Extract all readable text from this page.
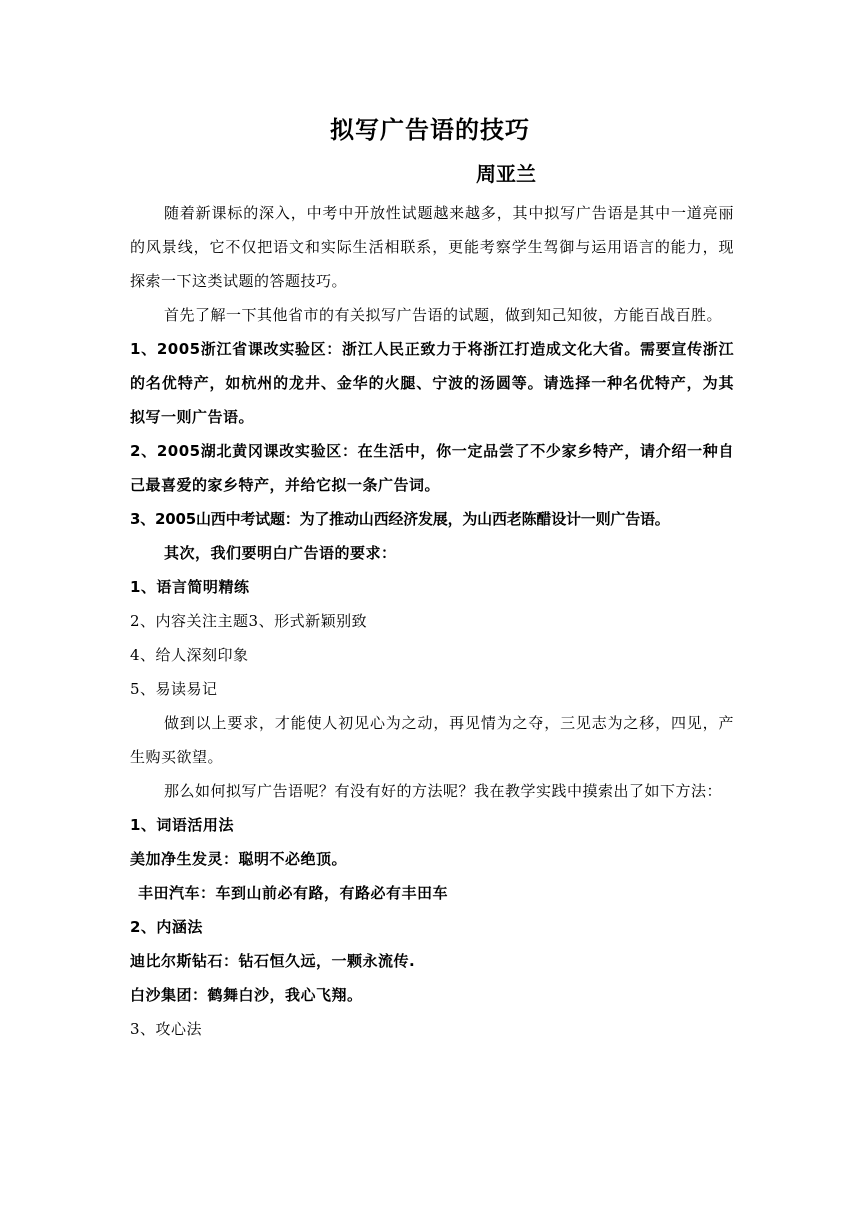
拟写广告语的技巧
周亚兰

随着新课标的深入，中考中开放性试题越来越多，其中拟写广告语是其中一道亮丽的风景线，它不仅把语文和实际生活相联系，更能考察学生驾御与运用语言的能力，现探索一下这类试题的答题技巧。

首先了解一下其他省市的有关拟写广告语的试题，做到知己知彼，方能百战百胜。

1、2005浙江省课改实验区：浙江人民正致力于将浙江打造成文化大省。需要宣传浙江的名优特产，如杭州的龙井、金华的火腿、宁波的汤圆等。请选择一种名优特产，为其拟写一则广告语。

2、2005湖北黄冈课改实验区：在生活中，你一定品尝了不少家乡特产，请介绍一种自己最喜爱的家乡特产，并给它拟一条广告词。

3、2005山西中考试题：为了推动山西经济发展，为山西老陈醋设计一则广告语。

其次，我们要明白广告语的要求：

1、语言简明精练

2、内容关注主题3、形式新颖别致

4、给人深刻印象

5、易读易记

做到以上要求，才能使人初见心为之动，再见情为之夺，三见志为之移，四见，产生购买欲望。

那么如何拟写广告语呢？有没有好的方法呢？我在教学实践中摸索出了如下方法：

1、词语活用法

美加净生发灵：聪明不必绝顶。

丰田汽车：车到山前必有路，有路必有丰田车

2、内涵法

迪比尔斯钻石：钻石恒久远，一颗永流传.

白沙集团：鹤舞白沙，我心飞翔。

3、攻心法
